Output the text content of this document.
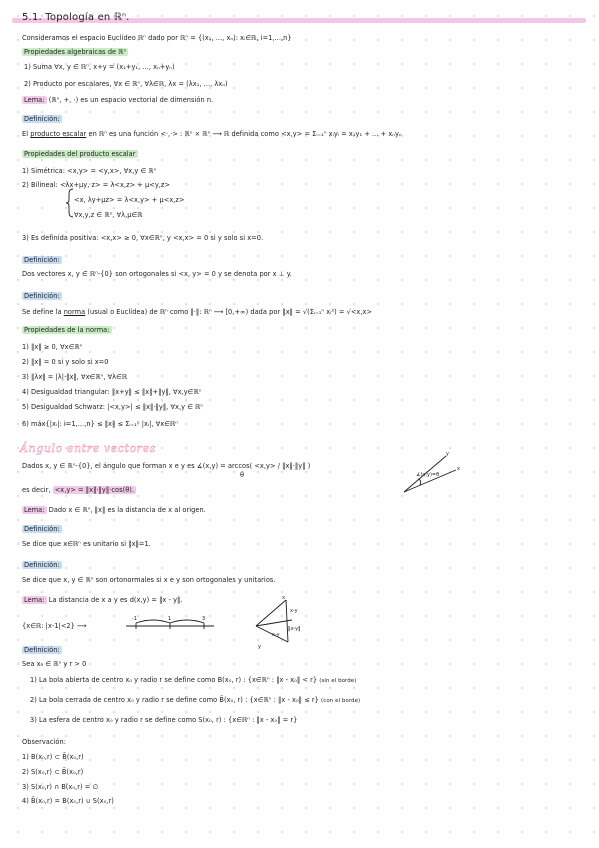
5.1. Topología en ℝⁿ.
Consideramos el espacio Euclídeo ℝⁿ dado por ℝⁿ = {(x₁, ..., xₙ): xᵢ∈ℝ, i=1,...,n}
Propiedades algebraicas de ℝⁿ
1) Suma ∀x, y ∈ ℝⁿ, x+y = (x₁+y₁, ..., xₙ+yₙ)
2) Producto por escalares, ∀x ∈ ℝⁿ, ∀λ∈ℝ, λx = (λx₁, ..., λxₙ)
Lema: (ℝⁿ, +, ·) es un espacio vectorial de dimensión n.
Definición:
El producto escalar en ℝⁿ es una función <·,·> : ℝⁿ × ℝⁿ ⟶ ℝ definida como <x,y> = Σᵢ₌₁ⁿ xᵢyᵢ = x₁y₁ + ... + xₙyₙ
Propiedades del producto escalar
1) Simétrica: <x,y> = <y,x>, ∀x,y ∈ ℝⁿ
2) Bilineal: <λx+μy, z> = λ<x,z> + μ<y,z>
<x, λy+μz> = λ<x,y> + μ<x,z>
∀x,y,z ∈ ℝⁿ, ∀λ,μ∈ℝ
3) Es definida positiva: <x,x> ≥ 0, ∀x∈ℝⁿ, y <x,x> = 0 si y solo si x=0.
Definición:
Dos vectores x, y ∈ ℝⁿ-{0} son ortogonales si <x, y> = 0 y se denota por x ⊥ y.
Definición:
Se define la norma (usual o Euclídea) de ℝⁿ como ‖·‖: ℝⁿ ⟶ [0,+∞) dada por ‖x‖ = √(Σᵢ₌₁ⁿ xᵢ²) = √<x,x>
Propiedades de la norma:
1) ‖x‖ ≥ 0, ∀x∈ℝⁿ
2) ‖x‖ = 0 si y solo si x=0
3) ‖λx‖ = |λ|·‖x‖, ∀x∈ℝⁿ, ∀λ∈ℝ
4) Desigualdad triangular: ‖x+y‖ ≤ ‖x‖+‖y‖, ∀x,y∈ℝⁿ
5) Desigualdad Schwarz: |<x,y>| ≤ ‖x‖·‖y‖, ∀x,y ∈ ℝⁿ
6) máx{|xᵢ|: i=1,...,n} ≤ ‖x‖ ≤ Σᵢ₌₁ⁿ |xᵢ|, ∀x∈ℝⁿ
Ángulo entre vectores
Dados x, y ∈ ℝⁿ-{0}, el ángulo que forman x e y es ∡(x,y) = arccos( <x,y> / ‖x‖·‖y‖ )
θ
es decir, <x,y> = ‖x‖·‖y‖·cos(θ).
∡(x,y)=θ
x
y
Lema: Dado x ∈ ℝⁿ, ‖x‖ es la distancia de x al origen.
Definición:
Se dice que x∈ℝⁿ es unitario si ‖x‖=1.
Definición:
Se dice que x, y ∈ ℝⁿ son ortonormales si x e y son ortogonales y unitarios.
Lema: La distancia de x a y es d(x,y) = ‖x - y‖.
{x∈ℝ: |x-1|<2} ⟶
-1	1	3
x
x-y
‖x-y‖
x-y
y
Definición:
Sea x₀ ∈ ℝⁿ y r > 0
1) La bola abierta de centro x₀ y radio r se define como B(x₀, r) : {x∈ℝⁿ : ‖x - x₀‖ < r} (sin el borde)
2) La bola cerrada de centro x₀ y radio r se define como B̄(x₀, r) : {x∈ℝⁿ : ‖x - x₀‖ ≤ r} (con el borde)
3) La esfera de centro x₀ y radio r se define como S(x₀, r) : {x∈ℝⁿ : ‖x - x₀‖ = r}
Observación:
1) B(x₀,r) ⊂ B̄(x₀,r)
2) S(x₀,r) ⊂ B̄(x₀,r)
3) S(x₀,r) ∩ B(x₀,r) = ∅
4) B̄(x₀,r) = B(x₀,r) ∪ S(x₀,r)
